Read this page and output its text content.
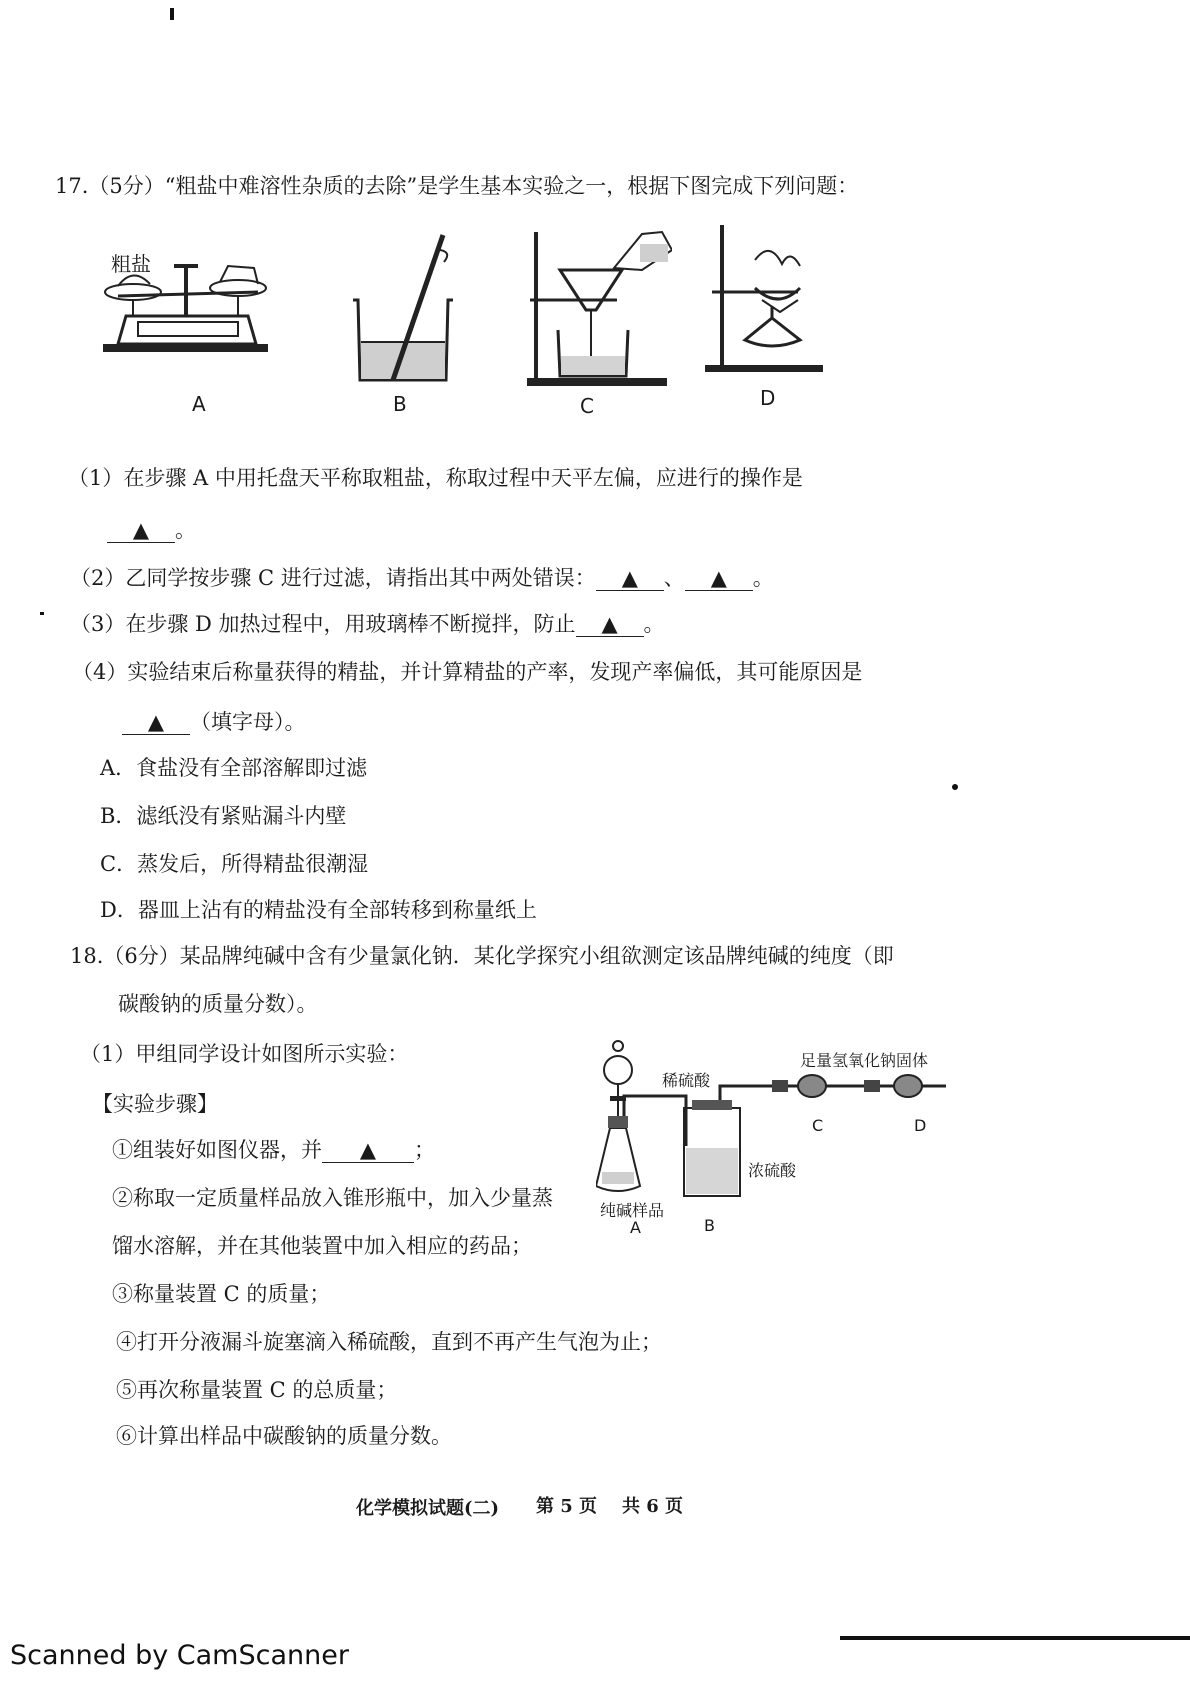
17.（5分）“粗盐中难溶性杂质的去除”是学生基本实验之一，根据下图完成下列问题：
粗盐
A	B	C	D
（1）在步骤 A 中用托盘天平称取粗盐，称取过程中天平左偏，应进行的操作是
▲ 。
（2）乙同学按步骤 C 进行过滤，请指出其中两处错误： ▲ 、 ▲ 。
（3）在步骤 D 加热过程中，用玻璃棒不断搅拌，防止 ▲ 。
（4）实验结束后称量获得的精盐，并计算精盐的产率，发现产率偏低，其可能原因是
▲ （填字母）。
A．食盐没有全部溶解即过滤
B．滤纸没有紧贴漏斗内壁
C．蒸发后，所得精盐很潮湿
D．器皿上沾有的精盐没有全部转移到称量纸上
18.（6分）某品牌纯碱中含有少量氯化钠．某化学探究小组欲测定该品牌纯碱的纯度（即
碳酸钠的质量分数）。
（1）甲组同学设计如图所示实验：
【实验步骤】
①组装好如图仪器，并 ▲ ；
②称取一定质量样品放入锥形瓶中，加入少量蒸
馏水溶解，并在其他装置中加入相应的药品；
③称量装置 C 的质量；
④打开分液漏斗旋塞滴入稀硫酸，直到不再产生气泡为止；
⑤再次称量装置 C 的总质量；
⑥计算出样品中碳酸钠的质量分数。
稀硫酸
足量氢氧化钠固体
浓硫酸
纯碱样品
A	B
C	D
化学模拟试题(二) 第 5 页 共 6 页
Scanned by CamScanner
